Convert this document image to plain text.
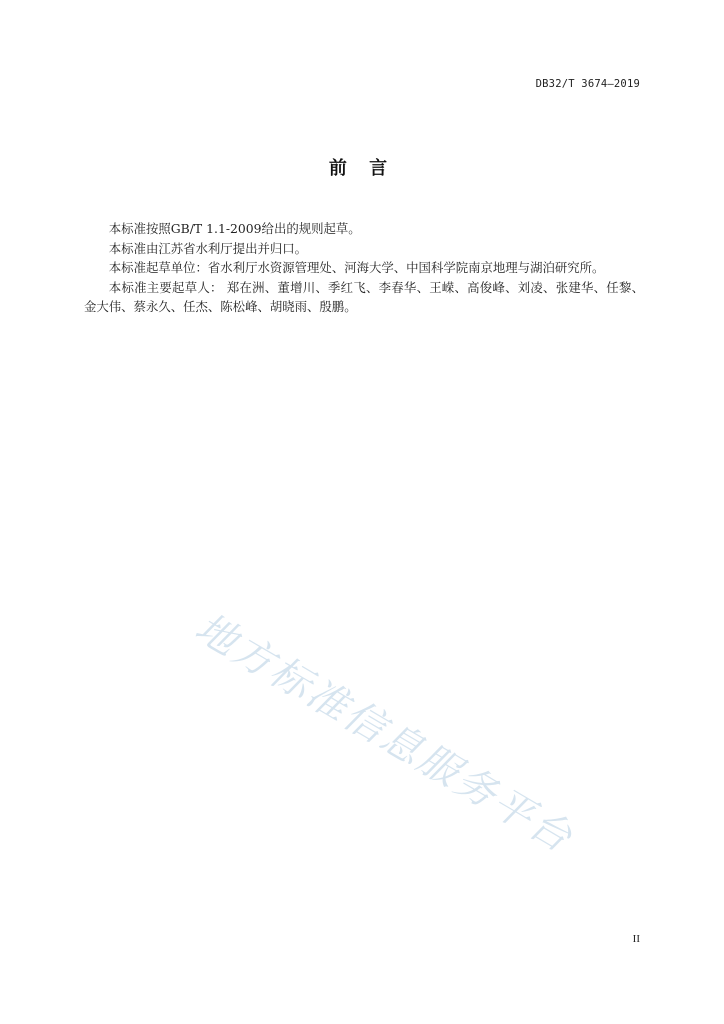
DB32/T 3674—2019
前 言

本标准按照GB/T 1.1-2009给出的规则起草。

本标准由江苏省水利厅提出并归口。

本标准起草单位：省水利厅水资源管理处、河海大学、中国科学院南京地理与湖泊研究所。

本标准主要起草人： 郑在洲、董增川、季红飞、李春华、王嵘、高俊峰、刘凌、张建华、任黎、金大伟、蔡永久、任杰、陈松峰、胡晓雨、殷鹏。

地方标准信息服务平台
II
